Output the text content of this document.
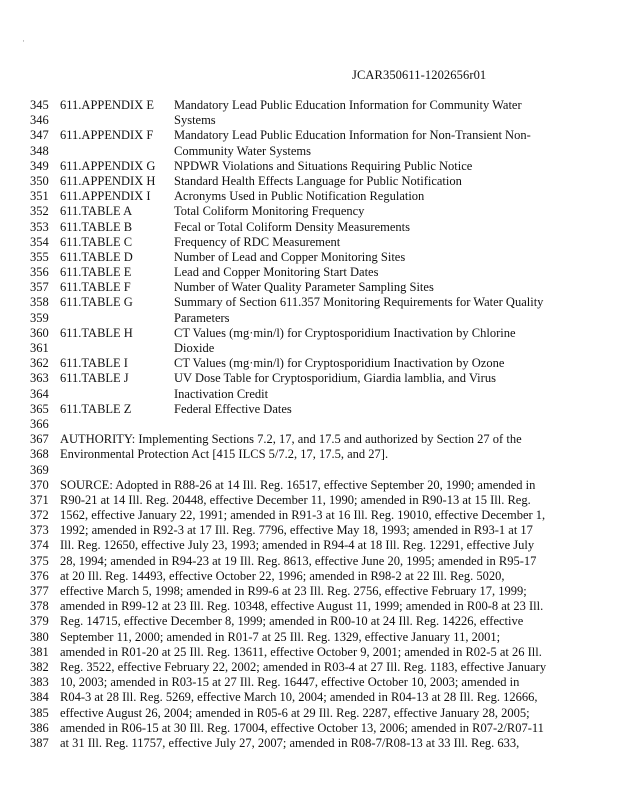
·
JCAR350611-1202656r01
345 611.APPENDIX E Mandatory Lead Public Education Information for Community Water
346	Systems
347 611.APPENDIX F Mandatory Lead Public Education Information for Non-Transient Non-
348	Community Water Systems
349 611.APPENDIX G NPDWR Violations and Situations Requiring Public Notice
350 611.APPENDIX H Standard Health Effects Language for Public Notification
351 611.APPENDIX I Acronyms Used in Public Notification Regulation
352 611.TABLE A	Total Coliform Monitoring Frequency
353 611.TABLE B	Fecal or Total Coliform Density Measurements
354 611.TABLE C	Frequency of RDC Measurement
355 611.TABLE D	Number of Lead and Copper Monitoring Sites
356 611.TABLE E	Lead and Copper Monitoring Start Dates
357 611.TABLE F	Number of Water Quality Parameter Sampling Sites
358 611.TABLE G	Summary of Section 611.357 Monitoring Requirements for Water Quality
359	Parameters
360 611.TABLE H	CT Values (mg·min/l) for Cryptosporidium Inactivation by Chlorine
361	Dioxide
362 611.TABLE I	CT Values (mg·min/l) for Cryptosporidium Inactivation by Ozone
363 611.TABLE J	UV Dose Table for Cryptosporidium, Giardia lamblia, and Virus
364	Inactivation Credit
365 611.TABLE Z	Federal Effective Dates
366
367 AUTHORITY: Implementing Sections 7.2, 17, and 17.5 and authorized by Section 27 of the
368 Environmental Protection Act [415 ILCS 5/7.2, 17, 17.5, and 27].
369
370 SOURCE: Adopted in R88-26 at 14 Ill. Reg. 16517, effective September 20, 1990; amended in
371 R90-21 at 14 Ill. Reg. 20448, effective December 11, 1990; amended in R90-13 at 15 Ill. Reg.
372 1562, effective January 22, 1991; amended in R91-3 at 16 Ill. Reg. 19010, effective December 1,
373 1992; amended in R92-3 at 17 Ill. Reg. 7796, effective May 18, 1993; amended in R93-1 at 17
374 Ill. Reg. 12650, effective July 23, 1993; amended in R94-4 at 18 Ill. Reg. 12291, effective July
375 28, 1994; amended in R94-23 at 19 Ill. Reg. 8613, effective June 20, 1995; amended in R95-17
376 at 20 Ill. Reg. 14493, effective October 22, 1996; amended in R98-2 at 22 Ill. Reg. 5020,
377 effective March 5, 1998; amended in R99-6 at 23 Ill. Reg. 2756, effective February 17, 1999;
378 amended in R99-12 at 23 Ill. Reg. 10348, effective August 11, 1999; amended in R00-8 at 23 Ill.
379 Reg. 14715, effective December 8, 1999; amended in R00-10 at 24 Ill. Reg. 14226, effective
380 September 11, 2000; amended in R01-7 at 25 Ill. Reg. 1329, effective January 11, 2001;
381 amended in R01-20 at 25 Ill. Reg. 13611, effective October 9, 2001; amended in R02-5 at 26 Ill.
382 Reg. 3522, effective February 22, 2002; amended in R03-4 at 27 Ill. Reg. 1183, effective January
383 10, 2003; amended in R03-15 at 27 Ill. Reg. 16447, effective October 10, 2003; amended in
384 R04-3 at 28 Ill. Reg. 5269, effective March 10, 2004; amended in R04-13 at 28 Ill. Reg. 12666,
385 effective August 26, 2004; amended in R05-6 at 29 Ill. Reg. 2287, effective January 28, 2005;
386 amended in R06-15 at 30 Ill. Reg. 17004, effective October 13, 2006; amended in R07-2/R07-11
387 at 31 Ill. Reg. 11757, effective July 27, 2007; amended in R08-7/R08-13 at 33 Ill. Reg. 633,
